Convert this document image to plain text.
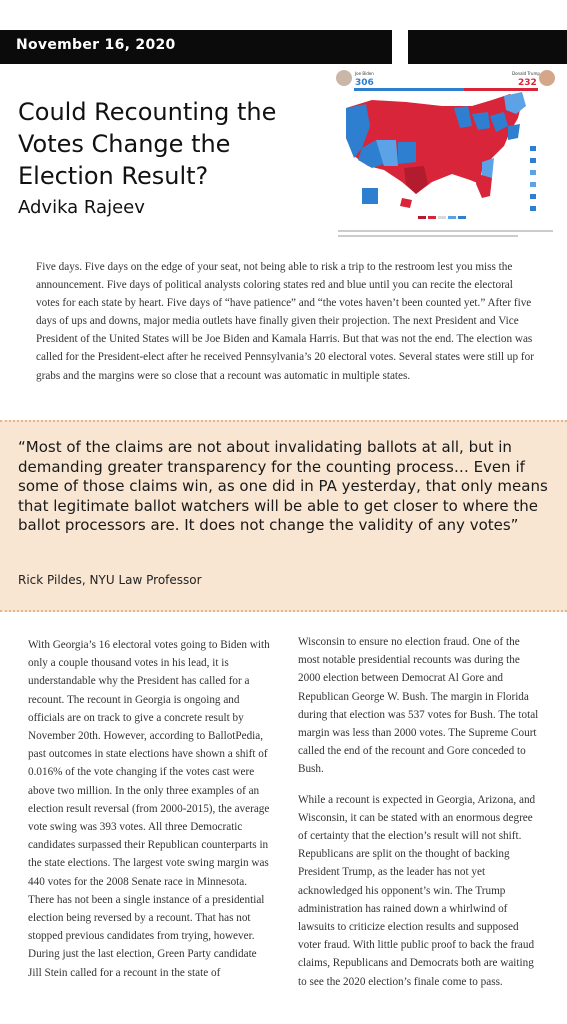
November 16, 2020
Could Recounting the Votes Change the Election Result?
Advika Rajeev
Joe Biden
306
Donald Trump
232
Five days. Five days on the edge of your seat, not being able to risk a trip to the restroom lest you miss the announcement. Five days of political analysts coloring states red and blue until you can recite the electoral votes for each state by heart. Five days of “have patience” and “the votes haven’t been counted yet.” After five days of ups and downs, major media outlets have finally given their projection. The next President and Vice President of the United States will be Joe Biden and Kamala Harris. But that was not the end. The election was called for the President-elect after he received Pennsylvania’s 20 electoral votes. Several states were still up for grabs and the margins were so close that a recount was automatic in multiple states.
“Most of the claims are not about invalidating ballots at all, but in demanding greater transparency for the counting process… Even if some of those claims win, as one did in PA yesterday, that only means that legitimate ballot watchers will be able to get closer to where the ballot processors are. It does not change the validity of any votes”
Rick Pildes, NYU Law Professor

With Georgia’s 16 electoral votes going to Biden with only a couple thousand votes in his lead, it is understandable why the President has called for a recount. The recount in Georgia is ongoing and officials are on track to give a concrete result by November 20th. However, according to BallotPedia, past outcomes in state elections have shown a shift of 0.016% of the vote changing if the votes cast were above two million. In the only three examples of an election result reversal (from 2000-2015), the average vote swing was 393 votes. All three Democratic candidates surpassed their Republican counterparts in the state elections. The largest vote swing margin was 440 votes for the 2008 Senate race in Minnesota. There has not been a single instance of a presidential election being reversed by a recount. That has not stopped previous candidates from trying, however. During just the last election, Green Party candidate Jill Stein called for a recount in the state of

Wisconsin to ensure no election fraud. One of the most notable presidential recounts was during the 2000 election between Democrat Al Gore and Republican George W. Bush. The margin in Florida during that election was 537 votes for Bush. The total margin was less than 2000 votes. The Supreme Court called the end of the recount and Gore conceded to Bush.

While a recount is expected in Georgia, Arizona, and Wisconsin, it can be stated with an enormous degree of certainty that the election’s result will not shift. Republicans are split on the thought of backing President Trump, as the leader has not yet acknowledged his opponent’s win. The Trump administration has rained down a whirlwind of lawsuits to criticize election results and supposed voter fraud. With little public proof to back the fraud claims, Republicans and Democrats both are waiting to see the 2020 election’s finale come to pass.
